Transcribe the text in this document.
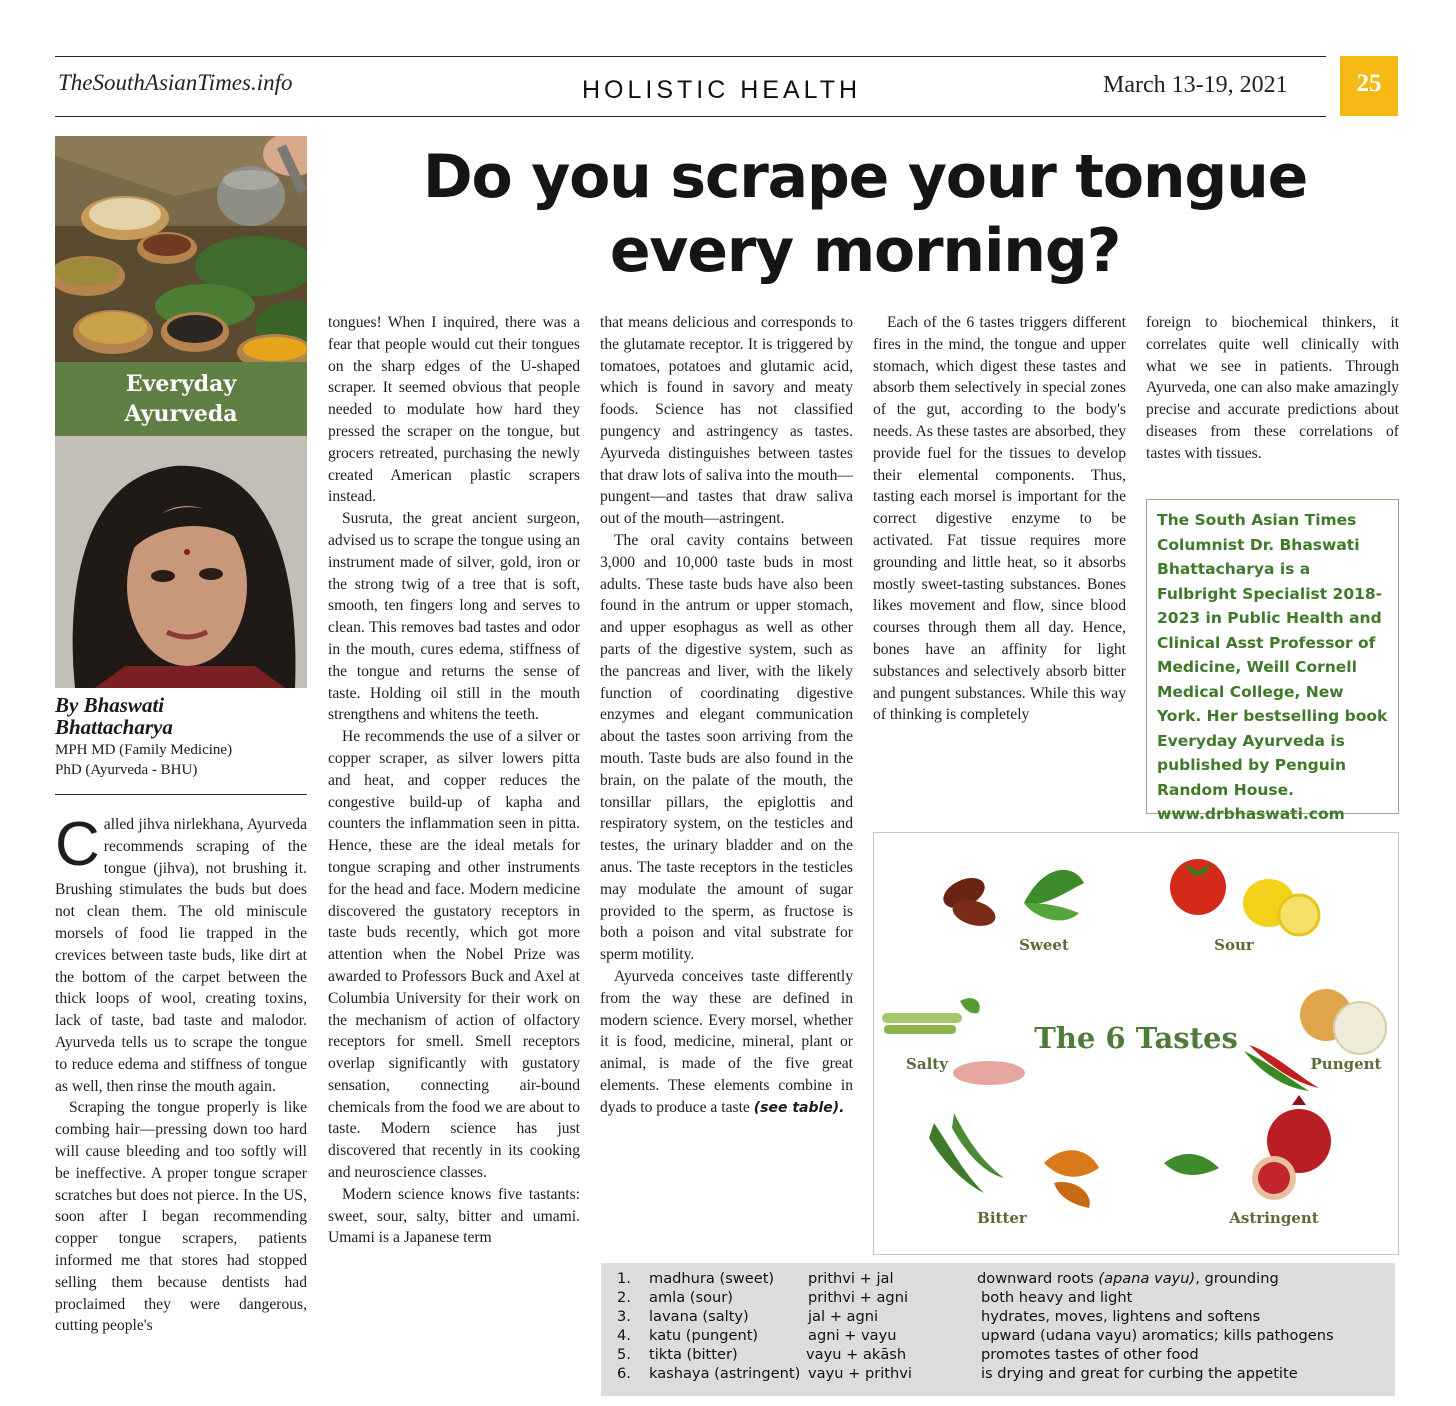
TheSouthAsianTimes.info	HOLISTIC HEALTH	March 13-19, 2021	25
Do you scrape your tongue
every morning?
Everyday
Ayurveda
By Bhaswati
Bhattacharya
MPH MD (Family Medicine)
PhD (Ayurveda - BHU)

Called jihva nirlekhana, Ayurveda recommends scraping of the tongue (jihva), not brushing it. Brushing stimulates the buds but does not clean them. The old miniscule morsels of food lie trapped in the crevices between taste buds, like dirt at the bottom of the carpet between the thick loops of wool, creating toxins, lack of taste, bad taste and malodor. Ayurveda tells us to scrape the tongue to reduce edema and stiffness of tongue as well, then rinse the mouth again.

Scraping the tongue properly is like combing hair—pressing down too hard will cause bleeding and too softly will be ineffective. A proper tongue scraper scratches but does not pierce. In the US, soon after I began recommending copper tongue scrapers, patients informed me that stores had stopped selling them because dentists had proclaimed they were dangerous, cutting people's

tongues! When I inquired, there was a fear that people would cut their tongues on the sharp edges of the U-shaped scraper. It seemed obvious that people needed to modulate how hard they pressed the scraper on the tongue, but grocers retreated, purchasing the newly created American plastic scrapers instead.

Susruta, the great ancient surgeon, advised us to scrape the tongue using an instrument made of silver, gold, iron or the strong twig of a tree that is soft, smooth, ten fingers long and serves to clean. This removes bad tastes and odor in the mouth, cures edema, stiffness of the tongue and returns the sense of taste. Holding oil still in the mouth strengthens and whitens the teeth.

He recommends the use of a silver or copper scraper, as silver lowers pitta and heat, and copper reduces the congestive build-up of kapha and counters the inflammation seen in pitta. Hence, these are the ideal metals for tongue scraping and other instruments for the head and face. Modern medicine discovered the gustatory receptors in taste buds recently, which got more attention when the Nobel Prize was awarded to Professors Buck and Axel at Columbia University for their work on the mechanism of action of olfactory receptors for smell. Smell receptors overlap significantly with gustatory sensation, connecting air-bound chemicals from the food we are about to taste. Modern science has just discovered that recently in its cooking and neuroscience classes.

Modern science knows five tastants: sweet, sour, salty, bitter and umami. Umami is a Japanese term

that means delicious and corresponds to the glutamate receptor. It is triggered by tomatoes, potatoes and glutamic acid, which is found in savory and meaty foods. Science has not classified pungency and astringency as tastes. Ayurveda distinguishes between tastes that draw lots of saliva into the mouth—pungent—and tastes that draw saliva out of the mouth—astringent.

The oral cavity contains between 3,000 and 10,000 taste buds in most adults. These taste buds have also been found in the antrum or upper stomach, and upper esophagus as well as other parts of the digestive system, such as the pancreas and liver, with the likely function of coordinating digestive enzymes and elegant communication about the tastes soon arriving from the mouth. Taste buds are also found in the brain, on the palate of the mouth, the tonsillar pillars, the epiglottis and respiratory system, on the testicles and testes, the urinary bladder and on the anus. The taste receptors in the testicles may modulate the amount of sugar provided to the sperm, as fructose is both a poison and vital substrate for sperm motility.

Ayurveda conceives taste differently from the way these are defined in modern science. Every morsel, whether it is food, medicine, mineral, plant or animal, is made of the five great elements. These elements combine in dyads to produce a taste (see table).

Each of the 6 tastes triggers different fires in the mind, the tongue and upper stomach, which digest these tastes and absorb them selectively in special zones of the gut, according to the body's needs. As these tastes are absorbed, they provide fuel for the tissues to develop their elemental components. Thus, tasting each morsel is important for the correct digestive enzyme to be activated. Fat tissue requires more grounding and little heat, so it absorbs mostly sweet-tasting substances. Bones likes movement and flow, since blood courses through them all day. Hence, bones have an affinity for light substances and selectively absorb bitter and pungent substances. While this way of thinking is completely

foreign to biochemical thinkers, it correlates quite well clinically with what we see in patients. Through Ayurveda, one can also make amazingly precise and accurate predictions about diseases from these correlations of tastes with tissues.

The South Asian Times Columnist Dr. Bhaswati Bhattacharya is a Fulbright Specialist 2018-2023 in Public Health and Clinical Asst Professor of Medicine, Weill Cornell Medical College, New York. Her bestselling book Everyday Ayurveda is published by Penguin Random House. www.drbhaswati.com
Sweet	Sour
Salty
The 6 Tastes
Pungent
Bitter	Astringent
1. madhura (sweet) prithvi + jal	downward roots (apana vayu), grounding
2. amla (sour)	prithvi + agni	both heavy and light
3. lavana (salty)	jal + agni	hydrates, moves, lightens and softens
4. katu (pungent)	agni + vayu	upward (udana vayu) aromatics; kills pathogens
5. tikta (bitter)	vayu + akāsh	promotes tastes of other food
6. kashaya (astringent) vayu + prithvi	is drying and great for curbing the appetite
